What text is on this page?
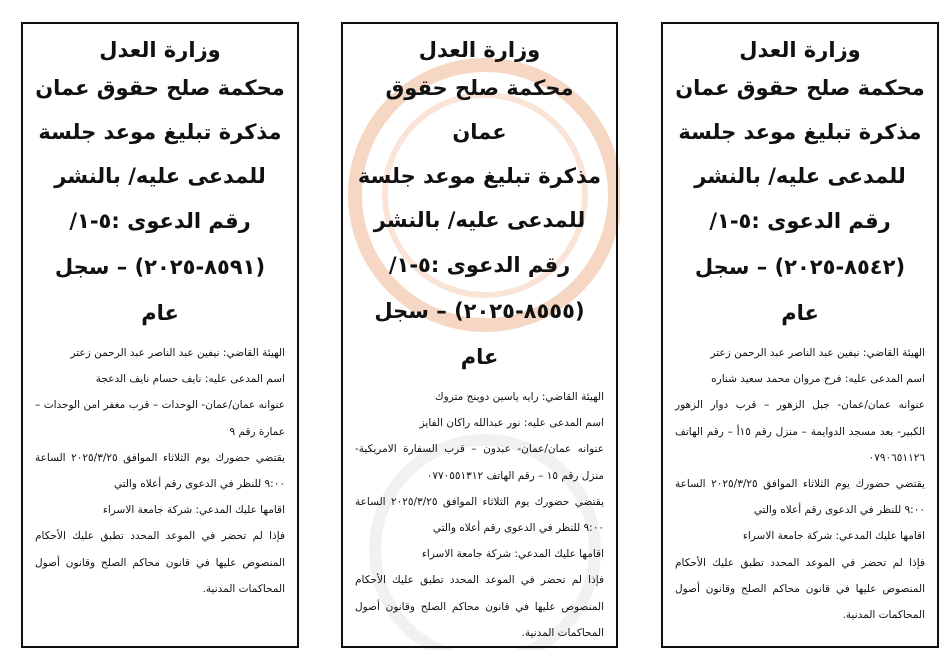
وزارة العدل
محكمة صلح حقوق عمان
مذكرة تبليغ موعد جلسة
للمدعى عليه/ بالنشر
رقم الدعوى :٥-١/
(٨٥٤٢-٢٠٢٥) – سجل
عام

الهيئة القاضي: نيفين عبد الناصر عبد الرحمن زعتر

اسم المدعى عليه: فرح مروان محمد سعيد شناره

عنوانه عمان/عمان- جبل الزهور – قرب دوار الزهور الكبير- بعد مسجد الدوايمة – منزل رقم ١٥أ – رقم الهاتف ٠٧٩٠٦٥١١٢٦

يقتضي حضورك يوم الثلاثاء الموافق ٢٠٢٥/٣/٢٥ الساعة ٩:٠٠ للنظر في الدعوى رقم أعلاه والتي

اقامها عليك المدعي: شركة جامعة الاسراء

فإذا لم تحضر في الموعد المحدد تطبق عليك الأحكام المنصوص عليها في قانون محاكم الصلح وقانون أصول المحاكمات المدنية.

وزارة العدل
محكمة صلح حقوق عمان
مذكرة تبليغ موعد جلسة
للمدعى عليه/ بالنشر
رقم الدعوى :٥-١/
(٨٥٥٥-٢٠٢٥) – سجل
عام

الهيئة القاضي: رايه ياسين دوينج متروك

اسم المدعى عليه: نور عبدالله راكان الفايز

عنوانه عمان/عمان- عبدون – قرب السفارة الامريكية- منزل رقم ١٥ – رقم الهاتف ٠٧٧٠٥٥١٣١٢

يقتضي حضورك يوم الثلاثاء الموافق ٢٠٢٥/٣/٢٥ الساعة ٩:٠٠ للنظر في الدعوى رقم أعلاه والتي

اقامها عليك المدعي: شركة جامعة الاسراء

فإذا لم تحضر في الموعد المحدد تطبق عليك الأحكام المنصوص عليها في قانون محاكم الصلح وقانون أصول المحاكمات المدنية.

وزارة العدل
محكمة صلح حقوق عمان
مذكرة تبليغ موعد جلسة
للمدعى عليه/ بالنشر
رقم الدعوى :٥-١/
(٨٥٩١-٢٠٢٥) – سجل
عام

الهيئة القاضي: نيفين عبد الناصر عبد الرحمن زعتر

اسم المدعى عليه: نايف حسام نايف الدعجة

عنوانه عمان/عمان- الوحدات – قرب مغفر امن الوحدات – عمارة رقم ٩

يقتضي حضورك يوم الثلاثاء الموافق ٢٠٢٥/٣/٢٥ الساعة ٩:٠٠ للنظر في الدعوى رقم أعلاه والتي

اقامها عليك المدعي: شركة جامعة الاسراء

فإذا لم تحضر في الموعد المحدد تطبق عليك الأحكام المنصوص عليها في قانون محاكم الصلح وقانون أصول المحاكمات المدنية.
